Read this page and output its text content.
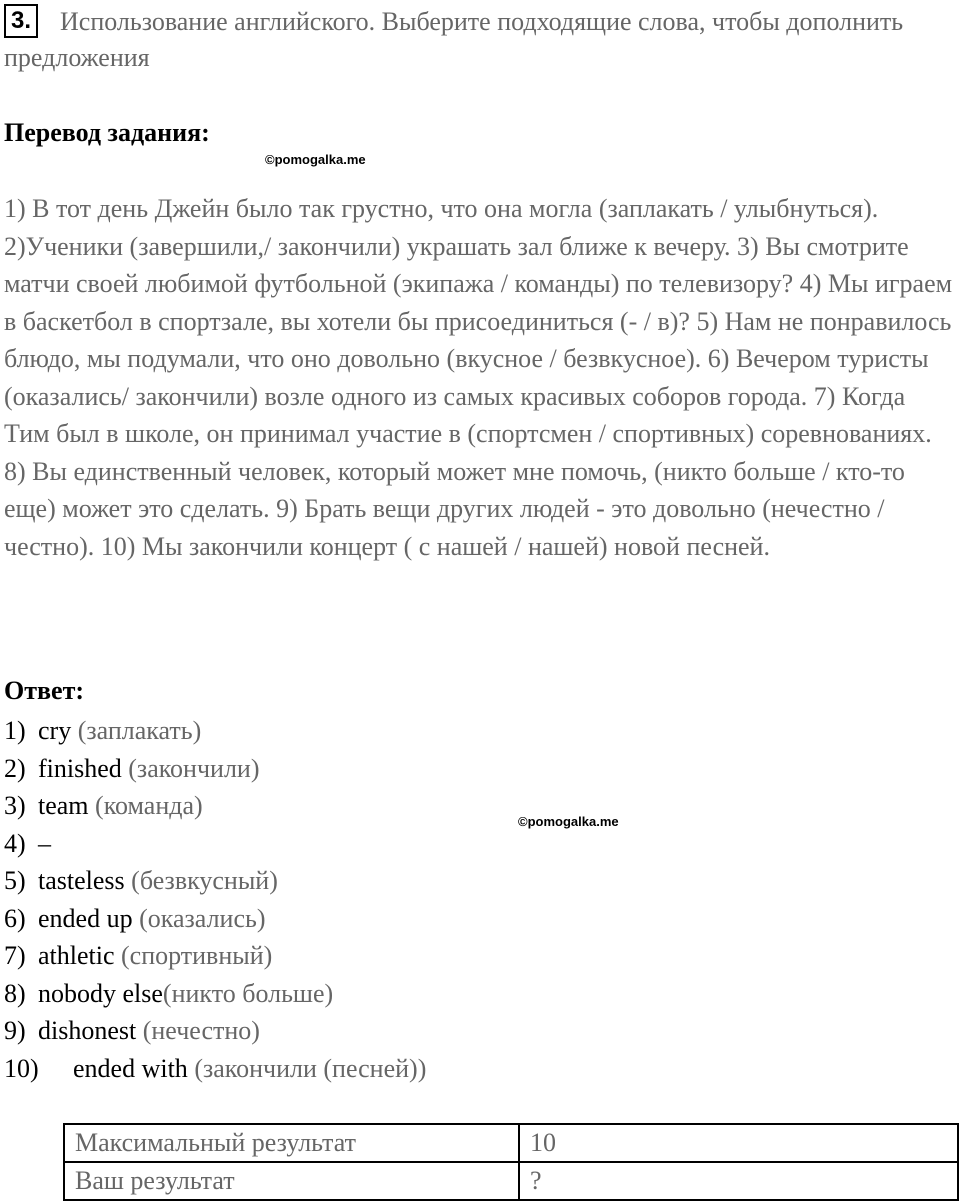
3. Использование английского. Выберите подходящие слова, чтобы дополнить предложения
Перевод задания:
©pomogalka.me
1) В тот день Джейн было так грустно, что она могла (заплакать / улыбнуться). 2)Ученики (завершили,/ закончили) украшать зал ближе к вечеру. 3) Вы смотрите матчи своей любимой футбольной (экипажа / команды) по телевизору? 4) Мы играем в баскетбол в спортзале, вы хотели бы присоединиться (- / в)? 5) Нам не понравилось блюдо, мы подумали, что оно довольно (вкусное / безвкусное). 6) Вечером туристы (оказались/ закончили) возле одного из самых красивых соборов города. 7) Когда Тим был в школе, он принимал участие в (спортсмен / спортивных) соревнованиях. 8) Вы единственный человек, который может мне помочь, (никто больше / кто-то еще) может это сделать. 9) Брать вещи других людей - это довольно (нечестно / честно). 10) Мы закончили концерт ( с нашей / нашей) новой песней.
Ответ:
©pomogalka.me
1) cry (заплакать)
2) finished (закончили)
3) team (команда)
4) –
5) tasteless (безвкусный)
6) ended up (оказались)
7) athletic (спортивный)
8) nobody else(никто больше)
9) dishonest (нечестно)
10) ended with (закончили (песней))
Максимальный результат	10
Ваш результат	?
